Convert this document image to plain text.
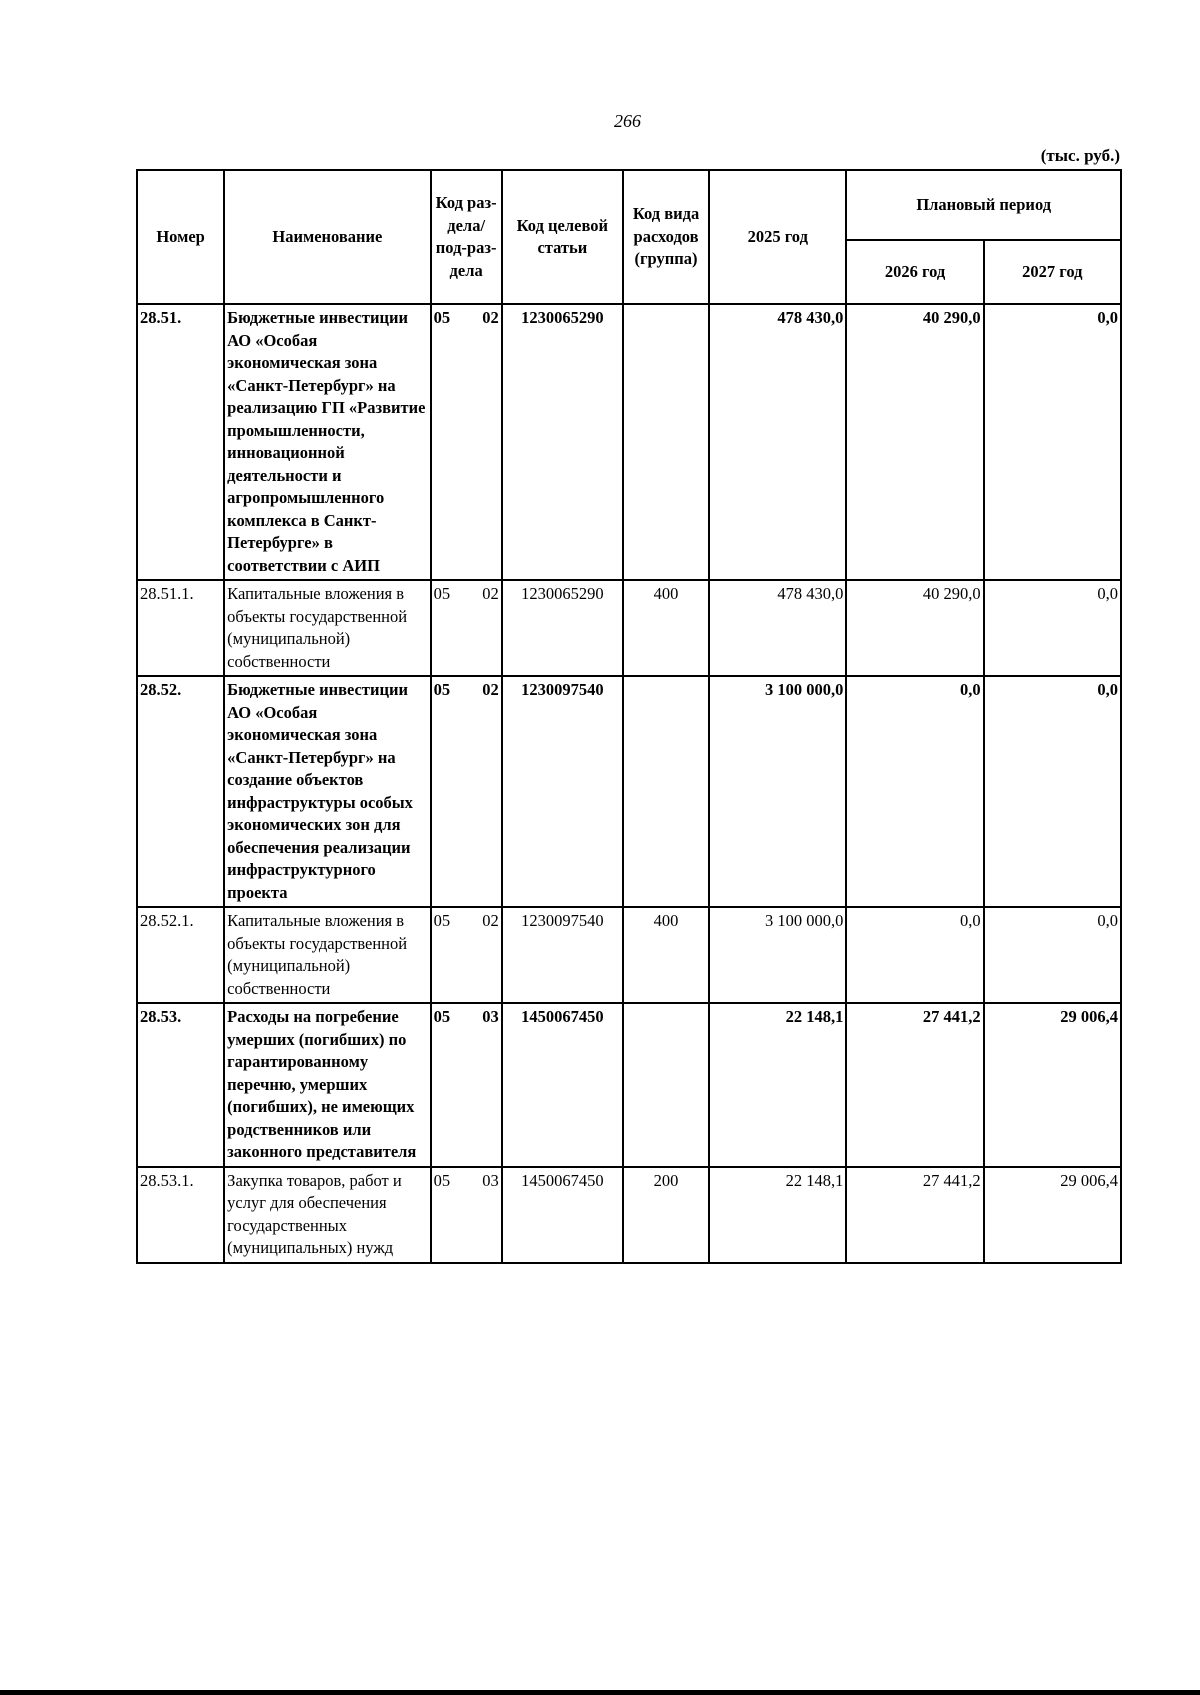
266
(тыс. руб.)
Номер	Наименование	Код раз-дела/ под-раз-дела	Код целевой статьи	Код вида расходов (группа)	2025 год	Плановый период	
						2026 год	2027 год
28.51.	Бюджетные инвестиции АО «Особая экономическая зона «Санкт-Петербург» на реализацию ГП «Развитие промышленности, инновационной деятельности и агропромышленного комплекса в Санкт-Петербурге» в соответствии с АИП	05 02	1230065290		478 430,0	40 290,0	0,0
28.51.1.	Капитальные вложения в объекты государственной (муниципальной) собственности	05 02	1230065290	400	478 430,0	40 290,0	0,0
28.52.	Бюджетные инвестиции АО «Особая экономическая зона «Санкт-Петербург» на создание объектов инфраструктуры особых экономических зон для обеспечения реализации инфраструктурного проекта	05 02	1230097540		3 100 000,0	0,0	0,0
28.52.1.	Капитальные вложения в объекты государственной (муниципальной) собственности	05 02	1230097540	400	3 100 000,0	0,0	0,0
28.53.	Расходы на погребение умерших (погибших) по гарантированному перечню, умерших (погибших), не имеющих родственников или законного представителя	05 03	1450067450		22 148,1	27 441,2	29 006,4
28.53.1.	Закупка товаров, работ и услуг для обеспечения государственных (муниципальных) нужд	05 03	1450067450	200	22 148,1	27 441,2	29 006,4
